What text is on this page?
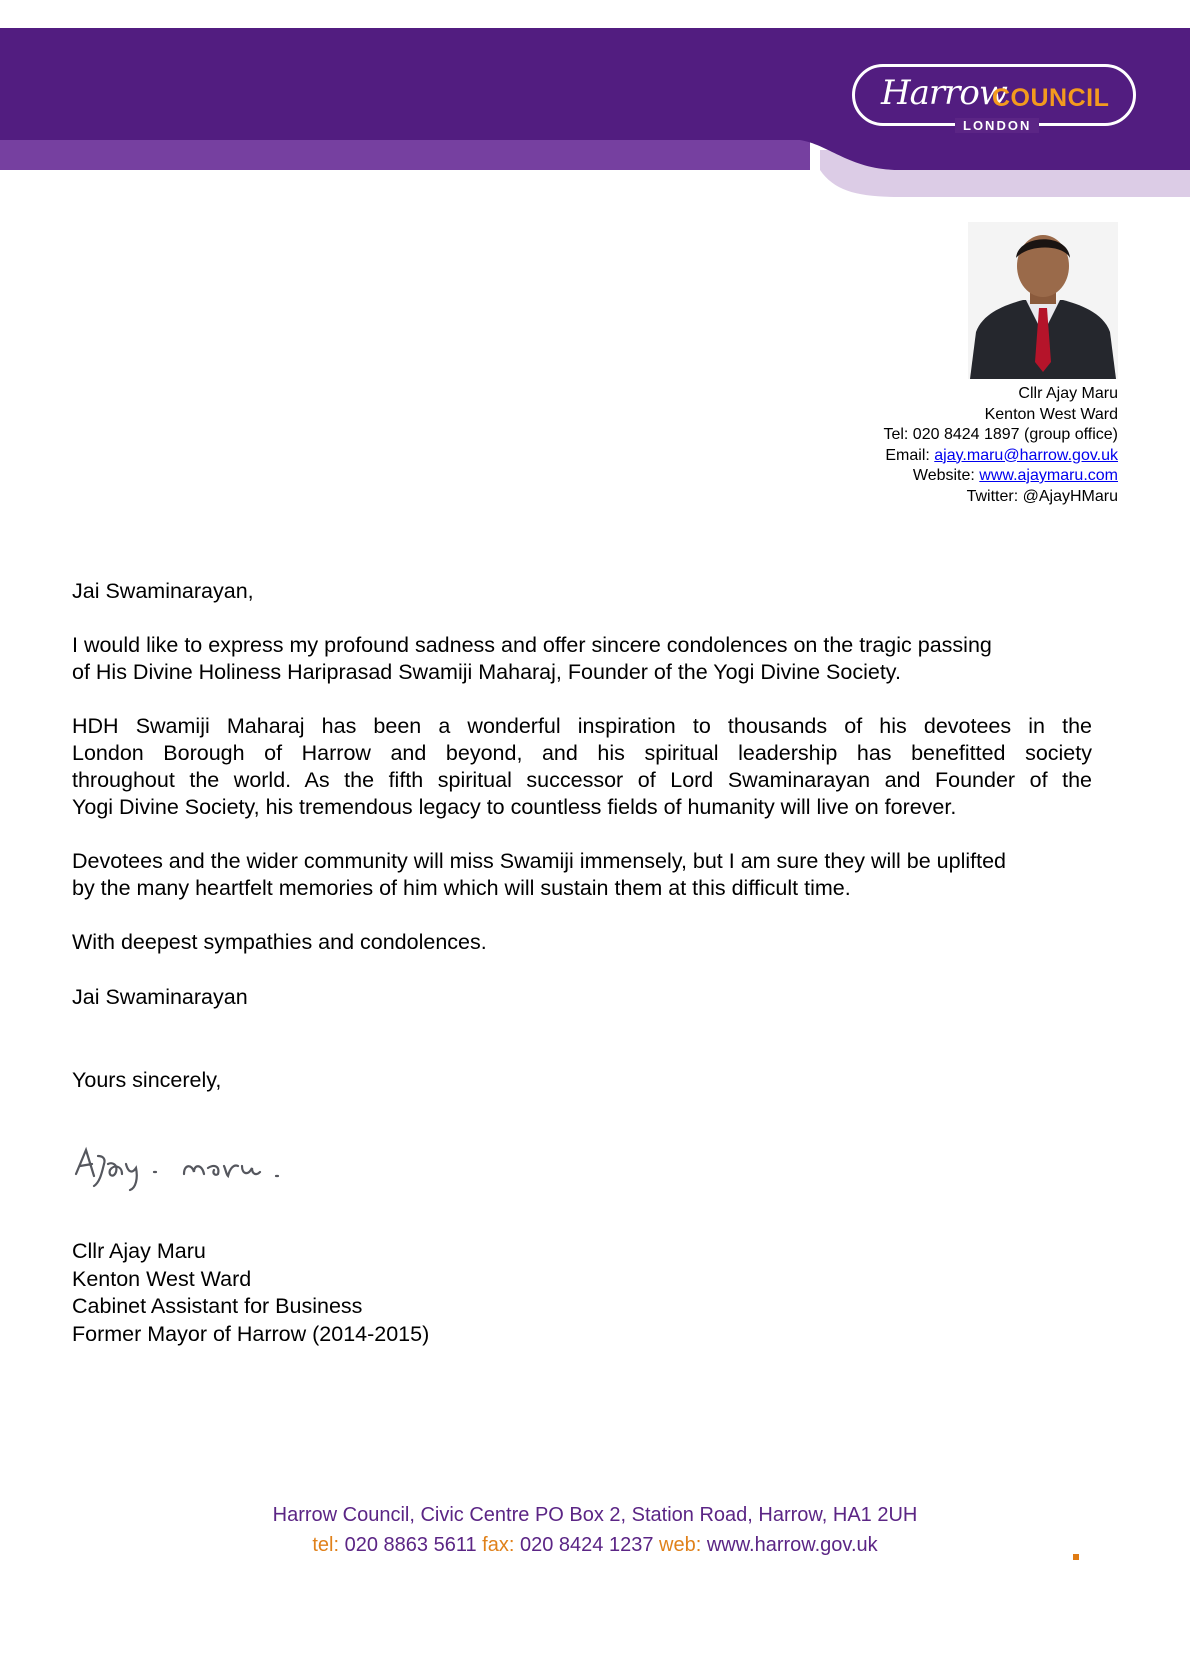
Harrow
COUNCIL
LONDON
Cllr Ajay Maru
Kenton West Ward
Tel: 020 8424 1897 (group office)
Email: ajay.maru@harrow.gov.uk
Website: www.ajaymaru.com
Twitter: @AjayHMaru

Jai Swaminarayan,

I would like to express my profound sadness and offer sincere condolences on the tragic passing

of His Divine Holiness Hariprasad Swamiji Maharaj, Founder of the Yogi Divine Society.

HDH Swamiji Maharaj has been a wonderful inspiration to thousands of his devotees in the

London Borough of Harrow and beyond, and his spiritual leadership has benefitted society

throughout the world. As the fifth spiritual successor of Lord Swaminarayan and Founder of the

Yogi Divine Society, his tremendous legacy to countless fields of humanity will live on forever.

Devotees and the wider community will miss Swamiji immensely, but I am sure they will be uplifted

by the many heartfelt memories of him which will sustain them at this difficult time.

With deepest sympathies and condolences.

Jai Swaminarayan

Yours sincerely,

Cllr Ajay Maru
Kenton West Ward
Cabinet Assistant for Business
Former Mayor of Harrow (2014-2015)
Harrow Council, Civic Centre PO Box 2, Station Road, Harrow, HA1 2UH
tel: 020 8863 5611 fax: 020 8424 1237 web: www.harrow.gov.uk
